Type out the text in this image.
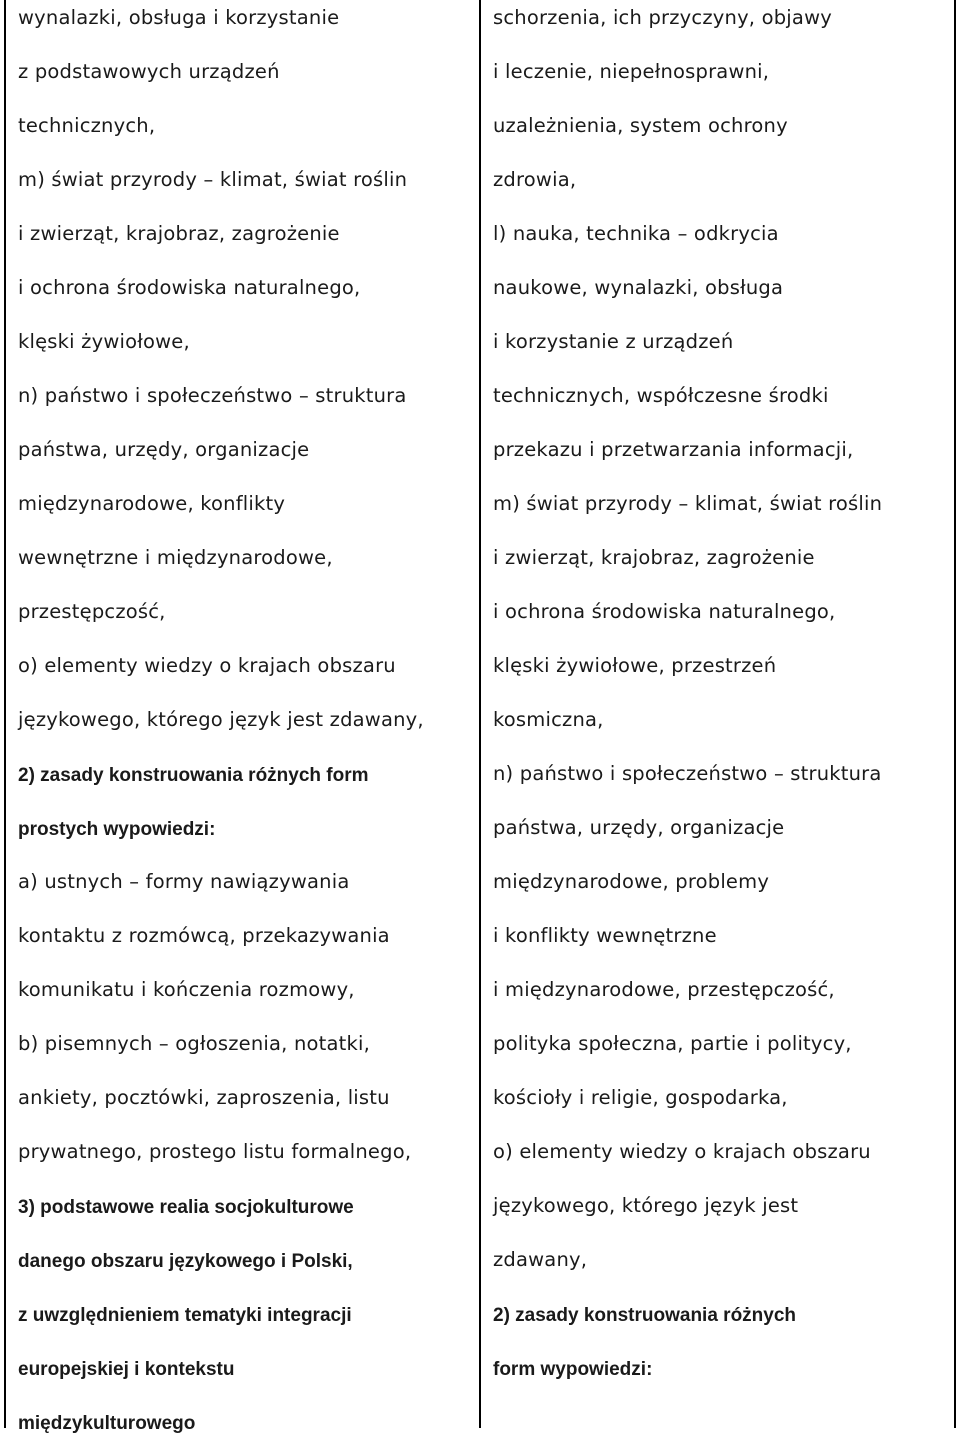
wynalazki, obsługa i korzystanie
z podstawowych urządzeń
technicznych,
m) świat przyrody – klimat, świat roślin
i zwierząt, krajobraz, zagrożenie
i ochrona środowiska naturalnego,
klęski żywiołowe,
n) państwo i społeczeństwo – struktura
państwa, urzędy, organizacje
międzynarodowe, konflikty
wewnętrzne i międzynarodowe,
przestępczość,
o) elementy wiedzy o krajach obszaru
językowego, którego język jest zdawany,
2) zasady konstruowania różnych form
prostych wypowiedzi:
a) ustnych – formy nawiązywania
kontaktu z rozmówcą, przekazywania
komunikatu i kończenia rozmowy,
b) pisemnych – ogłoszenia, notatki,
ankiety, pocztówki, zaproszenia, listu
prywatnego, prostego listu formalnego,
3) podstawowe realia socjokulturowe
danego obszaru językowego i Polski,
z uwzględnieniem tematyki integracji
europejskiej i kontekstu
międzykulturowego
schorzenia, ich przyczyny, objawy
i leczenie, niepełnosprawni,
uzależnienia, system ochrony
zdrowia,
l) nauka, technika – odkrycia
naukowe, wynalazki, obsługa
i korzystanie z urządzeń
technicznych, współczesne środki
przekazu i przetwarzania informacji,
m) świat przyrody – klimat, świat roślin
i zwierząt, krajobraz, zagrożenie
i ochrona środowiska naturalnego,
klęski żywiołowe, przestrzeń
kosmiczna,
n) państwo i społeczeństwo – struktura
państwa, urzędy, organizacje
międzynarodowe, problemy
i konflikty wewnętrzne
i międzynarodowe, przestępczość,
polityka społeczna, partie i politycy,
kościoły i religie, gospodarka,
o) elementy wiedzy o krajach obszaru
językowego, którego język jest
zdawany,
2) zasady konstruowania różnych
form wypowiedzi:
